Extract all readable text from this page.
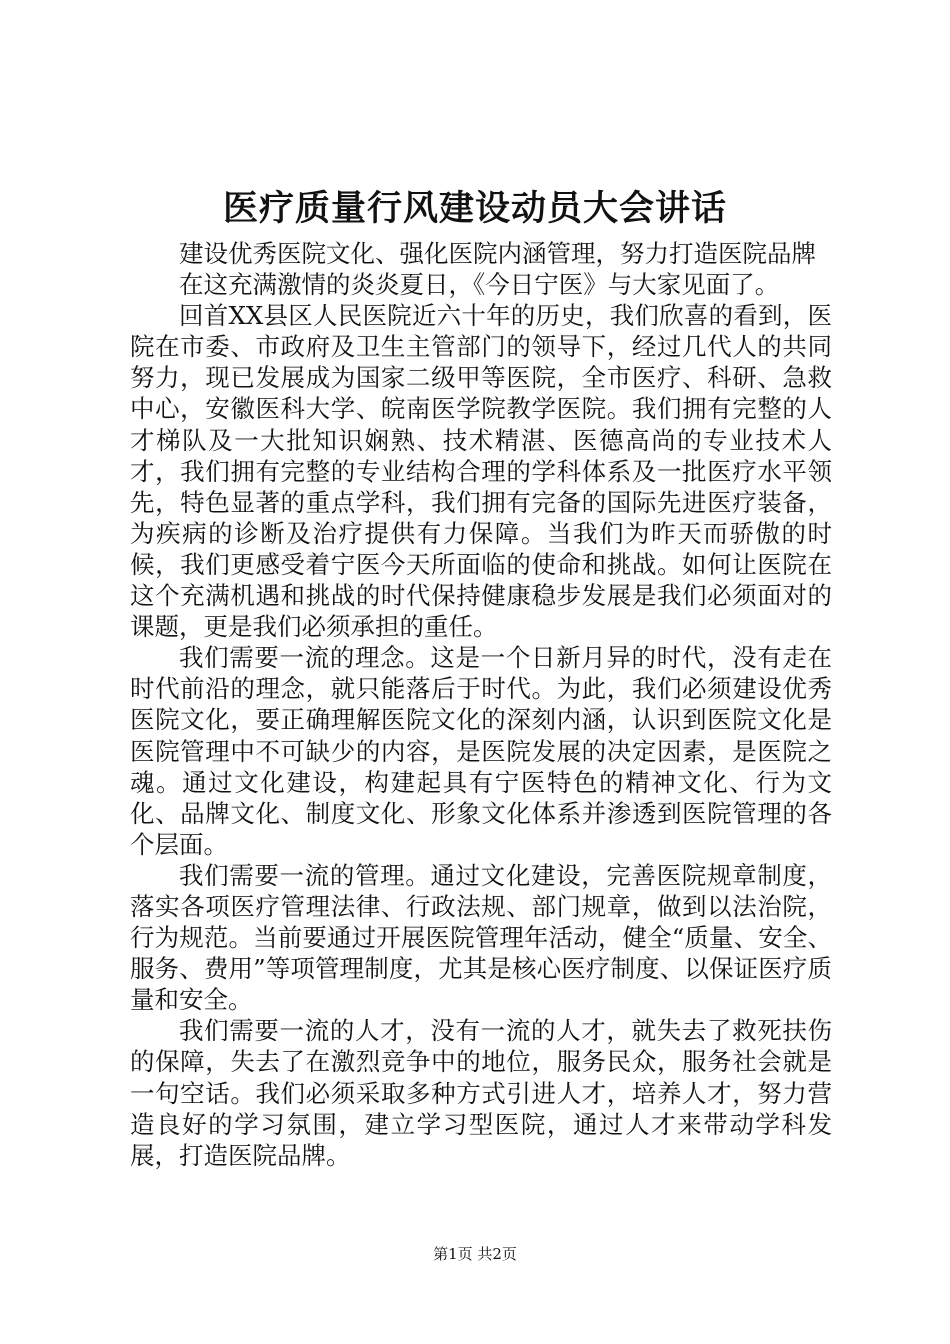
医疗质量行风建设动员大会讲话

建设优秀医院文化、强化医院内涵管理，努力打造医院品牌

在这充满激情的炎炎夏日，《今日宁医》与大家见面了。

回首XX县区人民医院近六十年的历史，我们欣喜的看到，医院在市委、市政府及卫生主管部门的领导下，经过几代人的共同努力，现已发展成为国家二级甲等医院，全市医疗、科研、急救中心，安徽医科大学、皖南医学院教学医院。我们拥有完整的人才梯队及一大批知识娴熟、技术精湛、医德高尚的专业技术人才，我们拥有完整的专业结构合理的学科体系及一批医疗水平领先，特色显著的重点学科，我们拥有完备的国际先进医疗装备，为疾病的诊断及治疗提供有力保障。当我们为昨天而骄傲的时候，我们更感受着宁医今天所面临的使命和挑战。如何让医院在这个充满机遇和挑战的时代保持健康稳步发展是我们必须面对的课题，更是我们必须承担的重任。

我们需要一流的理念。这是一个日新月异的时代，没有走在时代前沿的理念，就只能落后于时代。为此，我们必须建设优秀医院文化，要正确理解医院文化的深刻内涵，认识到医院文化是医院管理中不可缺少的内容，是医院发展的决定因素，是医院之魂。通过文化建设，构建起具有宁医特色的精神文化、行为文化、品牌文化、制度文化、形象文化体系并渗透到医院管理的各个层面。

我们需要一流的管理。通过文化建设，完善医院规章制度，落实各项医疗管理法律、行政法规、部门规章，做到以法治院，行为规范。当前要通过开展医院管理年活动，健全“质量、安全、服务、费用”等项管理制度，尤其是核心医疗制度、以保证医疗质量和安全。

我们需要一流的人才，没有一流的人才，就失去了救死扶伤的保障，失去了在激烈竞争中的地位，服务民众，服务社会就是一句空话。我们必须采取多种方式引进人才，培养人才，努力营造良好的学习氛围，建立学习型医院，通过人才来带动学科发展，打造医院品牌。

第1页 共2页
